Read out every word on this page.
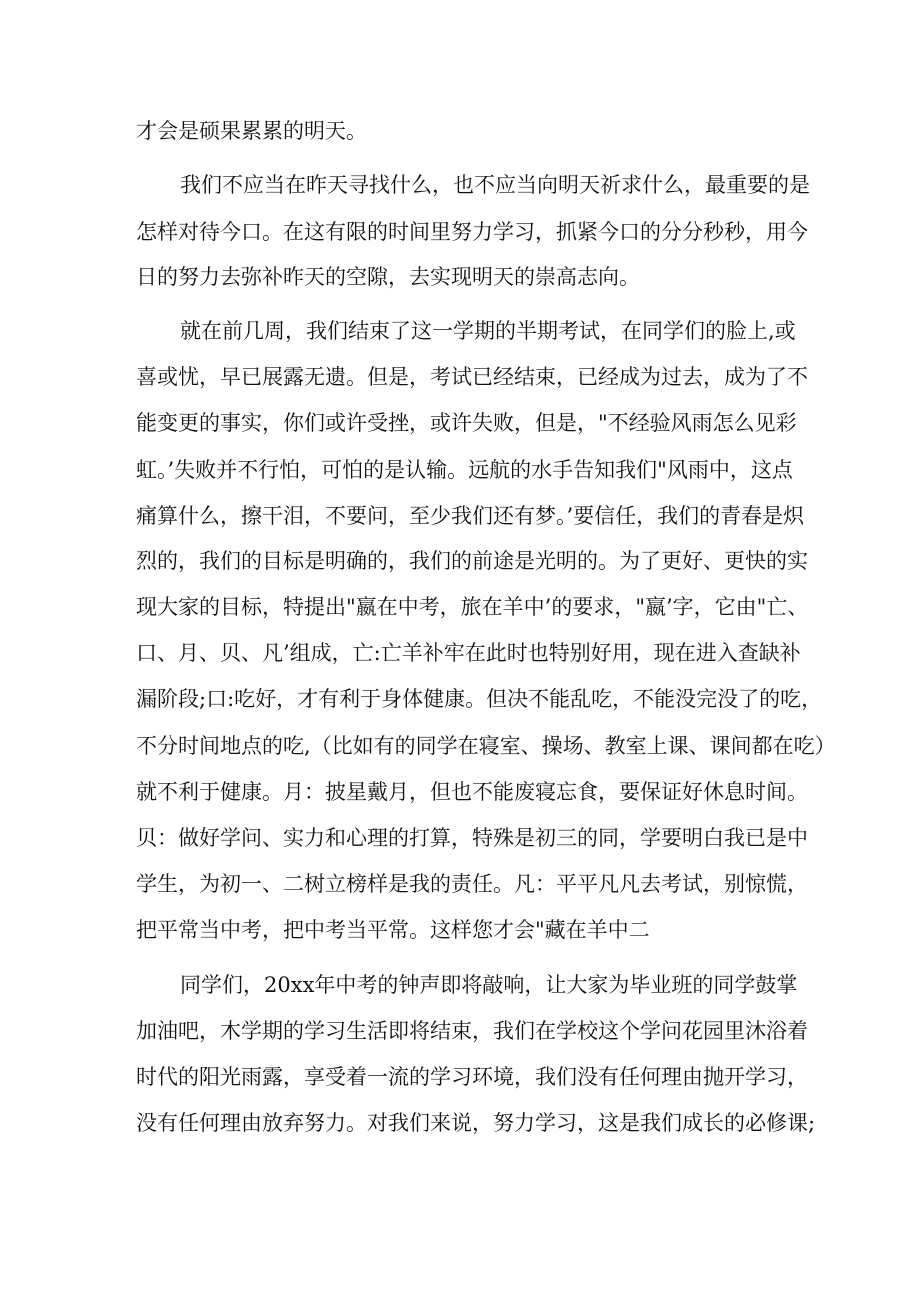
才会是硕果累累的明天。

我们不应当在昨天寻找什么，也不应当向明天祈求什么，最重要的是

怎样对待今口。在这有限的时间里努力学习，抓紧今口的分分秒秒，用今

日的努力去弥补昨天的空隙，去实现明天的崇高志向。

就在前几周，我们结束了这一学期的半期考试，在同学们的脸上,或

喜或忧，早已展露无遗。但是，考试已经结束，已经成为过去，成为了不

能变更的事实，你们或许受挫，或许失败，但是，"不经验风雨怎么见彩

虹。’失败并不行怕，可怕的是认输。远航的水手告知我们"风雨中，这点

痛算什么，擦干泪，不要问，至少我们还有梦。’要信任，我们的青春是炽

烈的，我们的目标是明确的，我们的前途是光明的。为了更好、更快的实

现大家的目标，特提出"嬴在中考，旅在羊中’的要求，"嬴’字，它由"亡、

口、月、贝、凡’组成，亡:亡羊补牢在此时也特别好用，现在进入查缺补

漏阶段;口:吃好，才有利于身体健康。但决不能乱吃，不能没完没了的吃，

不分时间地点的吃,（比如有的同学在寝室、操场、教室上课、课间都在吃）

就不利于健康。月：披星戴月，但也不能废寝忘食，要保证好休息时间。

贝：做好学问、实力和心理的打算，特殊是初三的同，学要明白我已是中

学生，为初一、二树立榜样是我的责任。凡：平平凡凡去考试，别惊慌，

把平常当中考，把中考当平常。这样您才会"藏在羊中二

同学们，20xx年中考的钟声即将敲响，让大家为毕业班的同学鼓掌

加油吧，木学期的学习生活即将结束，我们在学校这个学问花园里沐浴着

时代的阳光雨露，享受着一流的学习环境，我们没有任何理由抛开学习，

没有任何理由放弃努力。对我们来说，努力学习，这是我们成长的必修课;
